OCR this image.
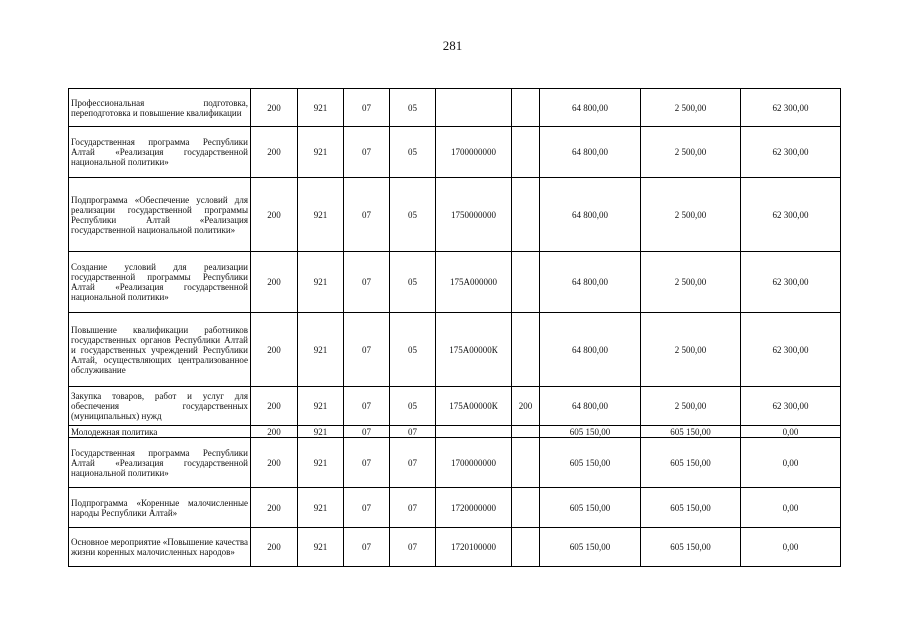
281
Профессиональная подготовка, переподготовка и повышение квалификации	200	921	07	05			64 800,00	2 500,00	62 300,00
Государственная программа Республики Алтай «Реализация государственной национальной политики»	200	921	07	05	1700000000		64 800,00	2 500,00	62 300,00
Подпрограмма «Обеспечение условий для реализации государственной программы Республики Алтай «Реализация государственной национальной политики»	200	921	07	05	1750000000		64 800,00	2 500,00	62 300,00
Создание условий для реализации государственной программы Республики Алтай «Реализация государственной национальной политики»	200	921	07	05	175А000000		64 800,00	2 500,00	62 300,00
Повышение квалификации работников государственных органов Республики Алтай и государственных учреждений Республики Алтай, осуществляющих централизованное обслуживание	200	921	07	05	175А00000К		64 800,00	2 500,00	62 300,00
Закупка товаров, работ и услуг для обеспечения государственных (муниципальных) нужд	200	921	07	05	175А00000К	200	64 800,00	2 500,00	62 300,00
Молодежная политика	200	921	07	07			605 150,00	605 150,00	0,00
Государственная программа Республики Алтай «Реализация государственной национальной политики»	200	921	07	07	1700000000		605 150,00	605 150,00	0,00
Подпрограмма «Коренные малочисленные народы Республики Алтай»	200	921	07	07	1720000000		605 150,00	605 150,00	0,00
Основное мероприятие «Повышение качества жизни коренных малочисленных народов»	200	921	07	07	1720100000		605 150,00	605 150,00	0,00
